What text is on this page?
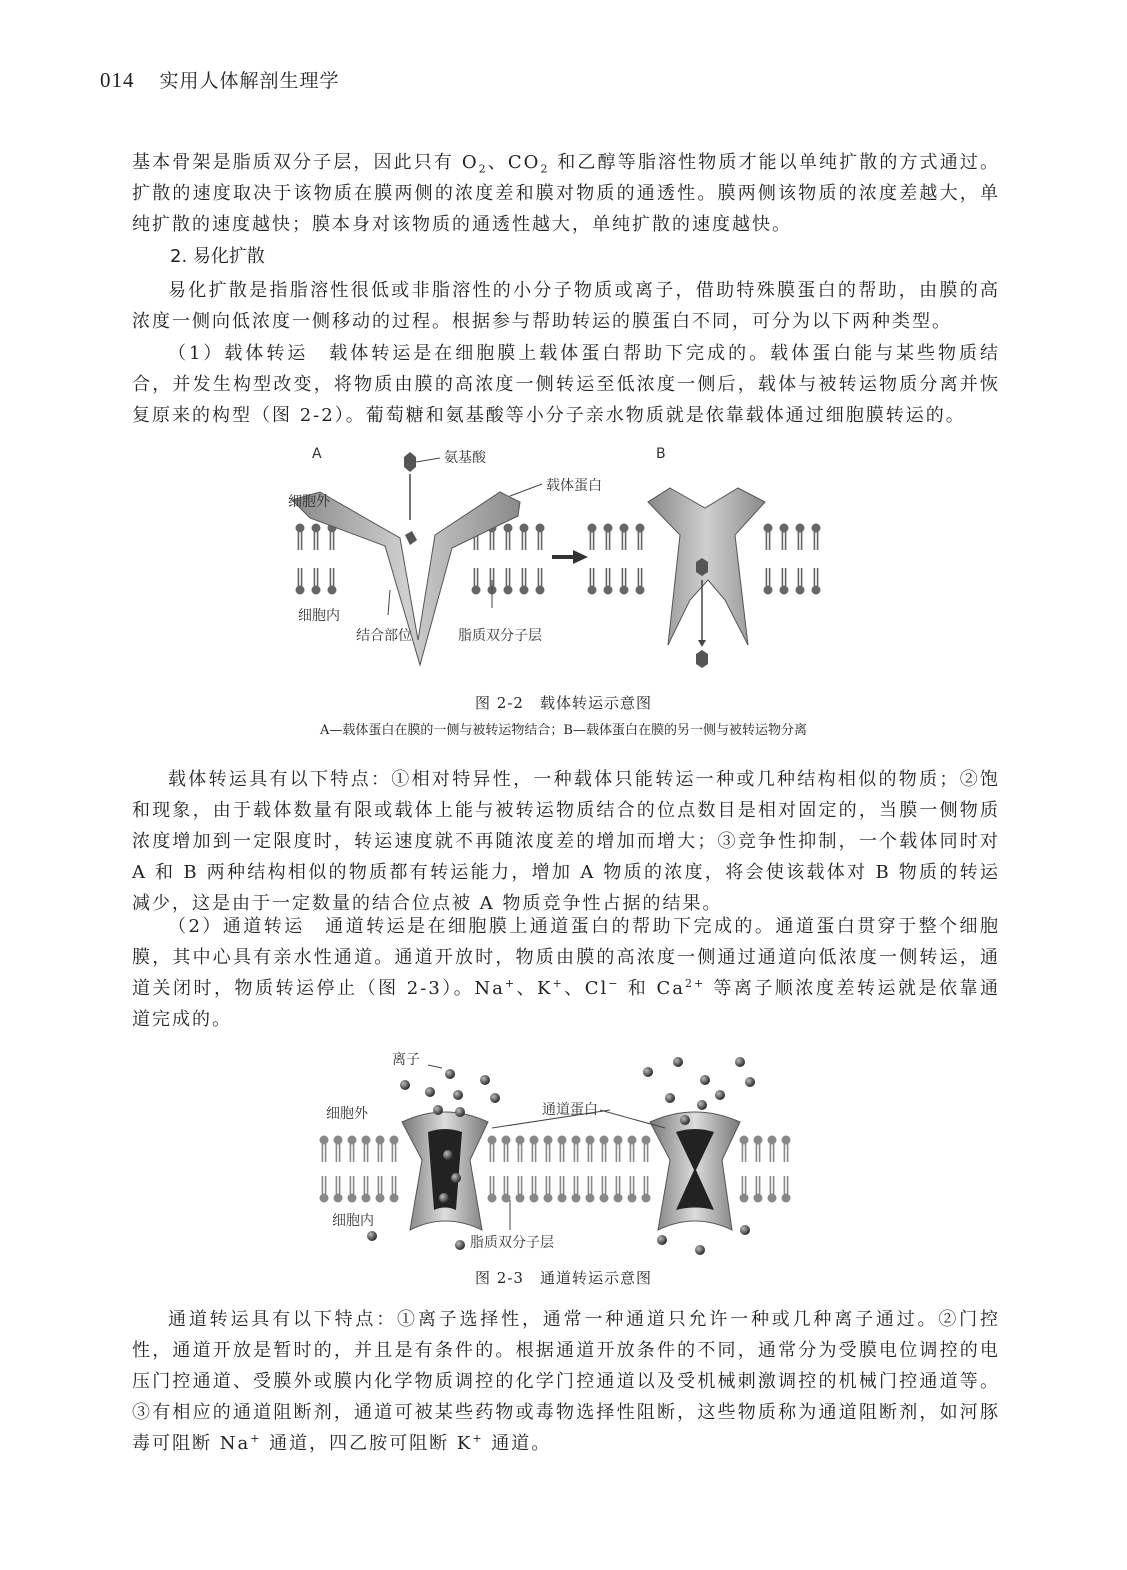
014 实用人体解剖生理学
基本骨架是脂质双分子层，因此只有 $O_2$、$CO_2$ 和乙醇等脂溶性物质才能以单纯扩散的方式通过。扩散的速度取决于该物质在膜两侧的浓度差和膜对物质的通透性。膜两侧该物质的浓度差越大，单纯扩散的速度越快；膜本身对该物质的通透性越大，单纯扩散的速度越快。
2. 易化扩散
易化扩散是指脂溶性很低或非脂溶性的小分子物质或离子，借助特殊膜蛋白的帮助，由膜的高浓度一侧向低浓度一侧移动的过程。根据参与帮助转运的膜蛋白不同，可分为以下两种类型。
（1）载体转运　载体转运是在细胞膜上载体蛋白帮助下完成的。载体蛋白能与某些物质结合，并发生构型改变，将物质由膜的高浓度一侧转运至低浓度一侧后，载体与被转运物质分离并恢复原来的构型（图 2-2）。葡萄糖和氨基酸等小分子亲水物质就是依靠载体通过细胞膜转运的。
A	B
氨基酸
载体蛋白
细胞外
细胞内
结合部位	脂质双分子层
图 2-2　载体转运示意图
A—载体蛋白在膜的一侧与被转运物结合；B—载体蛋白在膜的另一侧与被转运物分离
载体转运具有以下特点：①相对特异性，一种载体只能转运一种或几种结构相似的物质；②饱和现象，由于载体数量有限或载体上能与被转运物质结合的位点数目是相对固定的，当膜一侧物质浓度增加到一定限度时，转运速度就不再随浓度差的增加而增大；③竞争性抑制，一个载体同时对 A 和 B 两种结构相似的物质都有转运能力，增加 A 物质的浓度，将会使该载体对 B 物质的转运减少，这是由于一定数量的结合位点被 A 物质竞争性占据的结果。
（2）通道转运　通道转运是在细胞膜上通道蛋白的帮助下完成的。通道蛋白贯穿于整个细胞膜，其中心具有亲水性通道。通道开放时，物质由膜的高浓度一侧通过通道向低浓度一侧转运，通道关闭时，物质转运停止（图 2-3）。Na+、K+、Cl− 和 $Ca^{2+}$ 等离子顺浓度差转运就是依靠通道完成的。
离子
通道蛋白
细胞外
细胞内
脂质双分子层
图 2-3　通道转运示意图
通道转运具有以下特点：①离子选择性，通常一种通道只允许一种或几种离子通过。②门控性，通道开放是暂时的，并且是有条件的。根据通道开放条件的不同，通常分为受膜电位调控的电压门控通道、受膜外或膜内化学物质调控的化学门控通道以及受机械刺激调控的机械门控通道等。③有相应的通道阻断剂，通道可被某些药物或毒物选择性阻断，这些物质称为通道阻断剂，如河豚毒可阻断 Na+ 通道，四乙胺可阻断 K+ 通道。
